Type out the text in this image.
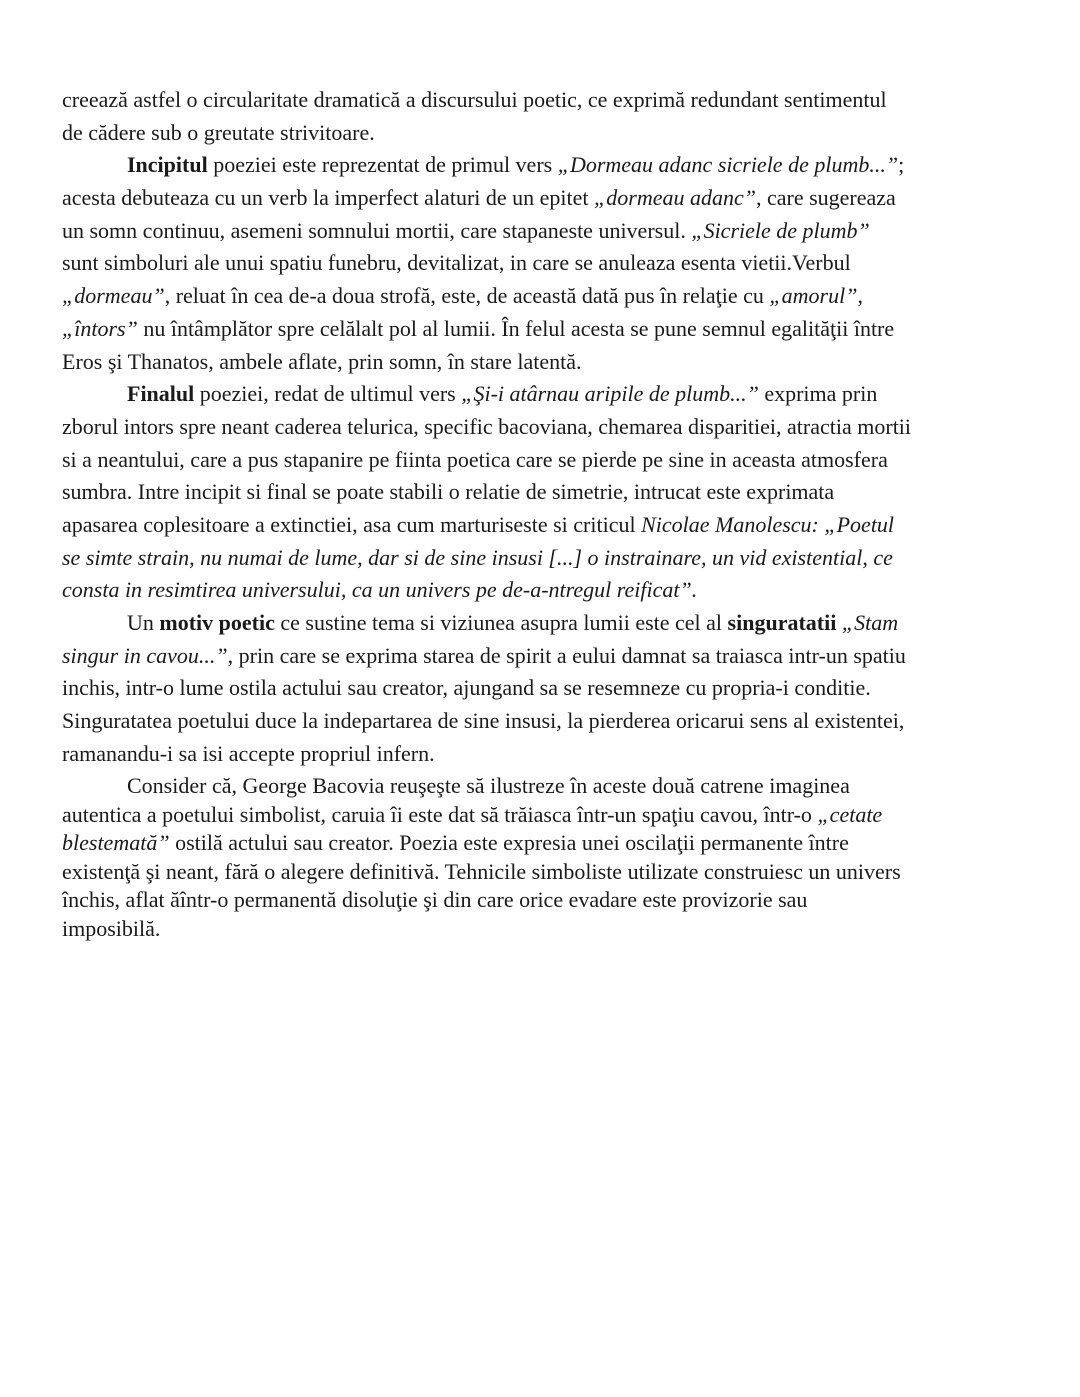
creează astfel o circularitate dramatică a discursului poetic, ce exprimă redundant sentimentul
de cădere sub o greutate strivitoare.
Incipitul poeziei este reprezentat de primul vers „Dormeau adanc sicriele de plumb...”;
acesta debuteaza cu un verb la imperfect alaturi de un epitet „dormeau adanc”, care sugereaza
un somn continuu, asemeni somnului mortii, care stapaneste universul. „Sicriele de plumb”
sunt simboluri ale unui spatiu funebru, devitalizat, in care se anuleaza esenta vietii.Verbul
„dormeau”, reluat în cea de-a doua strofă, este, de această dată pus în relaţie cu „amorul”,
„întors” nu întâmplător spre celălalt pol al lumii. În felul acesta se pune semnul egalităţii între
Eros şi Thanatos, ambele aflate, prin somn, în stare latentă.
Finalul poeziei, redat de ultimul vers „Şi-i atârnau aripile de plumb...” exprima prin
zborul intors spre neant caderea telurica, specific bacoviana, chemarea disparitiei, atractia mortii
si a neantului, care a pus stapanire pe fiinta poetica care se pierde pe sine in aceasta atmosfera
sumbra. Intre incipit si final se poate stabili o relatie de simetrie, intrucat este exprimata
apasarea coplesitoare a extinctiei, asa cum marturiseste si criticul Nicolae Manolescu: „Poetul
se simte strain, nu numai de lume, dar si de sine insusi [...] o instrainare, un vid existential, ce
consta in resimtirea universului, ca un univers pe de-a-ntregul reificat”.
Un motiv poetic ce sustine tema si viziunea asupra lumii este cel al singuratatii „Stam
singur in cavou...”, prin care se exprima starea de spirit a eului damnat sa traiasca intr-un spatiu
inchis, intr-o lume ostila actului sau creator, ajungand sa se resemneze cu propria-i conditie.
Singuratatea poetului duce la indepartarea de sine insusi, la pierderea oricarui sens al existentei,
ramanandu-i sa isi accepte propriul infern.
Consider că, George Bacovia reuşeşte să ilustreze în aceste două catrene imaginea
autentica a poetului simbolist, caruia îi este dat să trăiasca într-un spaţiu cavou, într-o „cetate
blestemată” ostilă actului sau creator. Poezia este expresia unei oscilaţii permanente între
existenţă şi neant, fără o alegere definitivă. Tehnicile simboliste utilizate construiesc un univers
închis, aflat ăîntr-o permanentă disoluţie şi din care orice evadare este provizorie sau
imposibilă.
